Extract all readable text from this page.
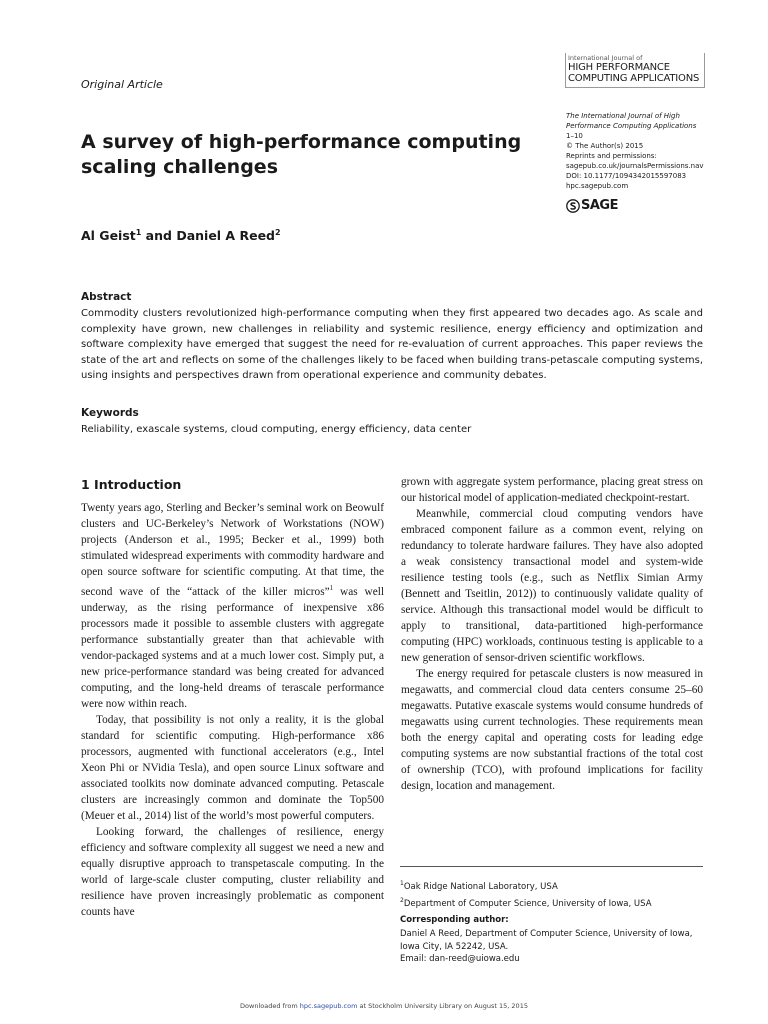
Original Article
International Journal of
HIGH PERFORMANCE
COMPUTING APPLICATIONS
The International Journal of High
Performance Computing Applications
1–10
© The Author(s) 2015
Reprints and permissions:
sagepub.co.uk/journalsPermissions.nav
DOI: 10.1177/1094342015597083
hpc.sagepub.com
SAGE
A survey of high-performance computing scaling challenges
Al Geist$^1$ and Daniel A Reed$^2$
Abstract

Commodity clusters revolutionized high-performance computing when they first appeared two decades ago. As scale and complexity have grown, new challenges in reliability and systemic resilience, energy efficiency and optimization and software complexity have emerged that suggest the need for re-evaluation of current approaches. This paper reviews the state of the art and reflects on some of the challenges likely to be faced when building trans-petascale computing systems, using insights and perspectives drawn from operational experience and community debates.

Keywords
Reliability, exascale systems, cloud computing, energy efficiency, data center
1 Introduction

Twenty years ago, Sterling and Becker’s seminal work on Beowulf clusters and UC-Berkeley’s Network of Workstations (NOW) projects (Anderson et al., 1995; Becker et al., 1999) both stimulated widespread experiments with commodity hardware and open source software for scientific computing. At that time, the second wave of the “attack of the killer micros”$^1$ was well underway, as the rising performance of inexpensive x86 processors made it possible to assemble clusters with aggregate performance substantially greater than that achievable with vendor-packaged systems and at a much lower cost. Simply put, a new price-performance standard was being created for advanced computing, and the long-held dreams of terascale performance were now within reach.

Today, that possibility is not only a reality, it is the global standard for scientific computing. High-performance x86 processors, augmented with functional accelerators (e.g., Intel Xeon Phi or NVidia Tesla), and open source Linux software and associated toolkits now dominate advanced computing. Petascale clusters are increasingly common and dominate the Top500 (Meuer et al., 2014) list of the world’s most powerful computers.

Looking forward, the challenges of resilience, energy efficiency and software complexity all suggest we need a new and equally disruptive approach to transpetascale computing. In the world of large-scale cluster computing, cluster reliability and resilience have proven increasingly problematic as component counts have

grown with aggregate system performance, placing great stress on our historical model of application-mediated checkpoint-restart.

Meanwhile, commercial cloud computing vendors have embraced component failure as a common event, relying on redundancy to tolerate hardware failures. They have also adopted a weak consistency transactional model and system-wide resilience testing tools (e.g., such as Netflix Simian Army (Bennett and Tseitlin, 2012)) to continuously validate quality of service. Although this transactional model would be difficult to apply to transitional, data-partitioned high-performance computing (HPC) workloads, continuous testing is applicable to a new generation of sensor-driven scientific workflows.

The energy required for petascale clusters is now measured in megawatts, and commercial cloud data centers consume 25–60 megawatts. Putative exascale systems would consume hundreds of megawatts using current technologies. These requirements mean both the energy capital and operating costs for leading edge computing systems are now substantial fractions of the total cost of ownership (TCO), with profound implications for facility design, location and management.

$^1$Oak Ridge National Laboratory, USA
$^2$Department of Computer Science, University of Iowa, USA
Corresponding author:
Daniel A Reed, Department of Computer Science, University of Iowa,
Iowa City, IA 52242, USA.
Email: dan-reed@uiowa.edu
Downloaded from hpc.sagepub.com at Stockholm University Library on August 15, 2015
